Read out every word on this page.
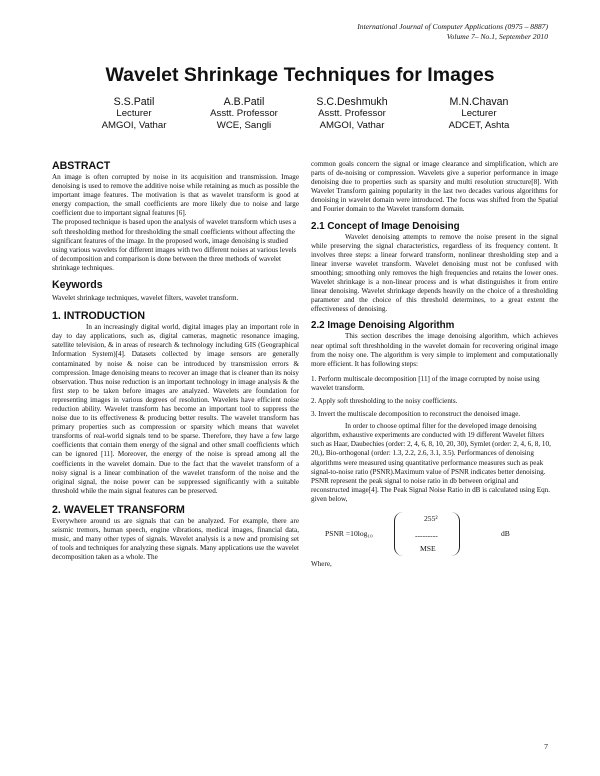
International Journal of Computer Applications (0975 – 8887)
Volume 7– No.1, September 2010
Wavelet Shrinkage Techniques for Images
S.S.Patil
Lecturer
AMGOI, Vathar
A.B.Patil
Asstt. Professor
WCE, Sangli
S.C.Deshmukh
Asstt. Professor
AMGOI, Vathar
M.N.Chavan
Lecturer
ADCET, Ashta
ABSTRACT

An image is often corrupted by noise in its acquisition and transmission. Image denoising is used to remove the additive noise while retaining as much as possible the important image features. The motivation is that as wavelet transform is good at energy compaction, the small coefficients are more likely due to noise and large coefficient due to important signal features [6].

The proposed technique is based upon the analysis of wavelet transform which uses a soft thresholding method for thresholding the small coefficients without affecting the significant features of the image. In the proposed work, image denoising is studied using various wavelets for different images with two different noises at various levels of decomposition and comparison is done between the three methods of wavelet shrinkage techniques.

Keywords

Wavelet shrinkage techniques, wavelet filters, wavelet transform.

1. INTRODUCTION

In an increasingly digital world, digital images play an important role in day to day applications, such as, digital cameras, magnetic resonance imaging, satellite television, & in areas of research & technology including GIS (Geographical Information System)[4]. Datasets collected by image sensors are generally contaminated by noise & noise can be introduced by transmission errors & compression. Image denoising means to recover an image that is cleaner than its noisy observation. Thus noise reduction is an important technology in image analysis & the first step to be taken before images are analyzed. Wavelets are foundation for representing images in various degrees of resolution. Wavelets have efficient noise reduction ability. Wavelet transform has become an important tool to suppress the noise due to its effectiveness & producing better results. The wavelet transform has primary properties such as compression or sparsity which means that wavelet transforms of real-world signals tend to be sparse. Therefore, they have a few large coefficients that contain them energy of the signal and other small coefficients which can be ignored [11]. Moreover, the energy of the noise is spread among all the coefficients in the wavelet domain. Due to the fact that the wavelet transform of a noisy signal is a linear combination of the wavelet transform of the noise and the original signal, the noise power can be suppressed significantly with a suitable threshold while the main signal features can be preserved.

2. WAVELET TRANSFORM

Everywhere around us are signals that can be analyzed. For example, there are seismic tremors, human speech, engine vibrations, medical images, financial data, music, and many other types of signals. Wavelet analysis is a new and promising set of tools and techniques for analyzing these signals. Many applications use the wavelet decomposition taken as a whole. The

common goals concern the signal or image clearance and simplification, which are parts of de-noising or compression. Wavelets give a superior performance in image denoising due to properties such as sparsity and multi resolution structure[8]. With Wavelet Transform gaining popularity in the last two decades various algorithms for denoising in wavelet domain were introduced. The focus was shifted from the Spatial and Fourier domain to the Wavelet transform domain.

2.1 Concept of Image Denoising

Wavelet denoising attempts to remove the noise present in the signal while preserving the signal characteristics, regardless of its frequency content. It involves three steps: a linear forward transform, nonlinear thresholding step and a linear inverse wavelet transform. Wavelet denoising must not be confused with smoothing; smoothing only removes the high frequencies and retains the lower ones. Wavelet shrinkage is a non-linear process and is what distinguishes it from entire linear denoising. Wavelet shrinkage depends heavily on the choice of a thresholding parameter and the choice of this threshold determines, to a great extent the effectiveness of denoising.

2.2 Image Denoising Algorithm

This section describes the image denoising algorithm, which achieves near optimal soft threshholding in the wavelet domain for recovering original image from the noisy one. The algorithm is very simple to implement and computationally more efficient. It has following steps:

1. Perform multiscale decomposition [11] of the image corrupted by noise using wavelet transform.

2. Apply soft thresholding to the noisy coefficients.

3. Invert the multiscale decomposition to reconstruct the denoised image.

In order to choose optimal filter for the developed image denoising algorithm, exhaustive experiments are conducted with 19 different Wavelet filters such as Haar, Daubechies (order: 2, 4, 6, 8, 10, 20, 30), Symlet (order: 2, 4, 6, 8, 10, 20,), Bio-orthogonal (order: 1.3, 2.2, 2.6, 3.1, 3.5). Performances of denoising algorithms were measured using quantitative performance measures such as peak signal-to-noise ratio (PSNR).Maximum value of PSNR indicates better denoising. PSNR represent the peak signal to noise ratio in db between original and reconstructed image[4]. The Peak Signal Noise Ratio in dB is calculated using Eqn. given below,

PSNR =10log₁₀
255²
---------
MSE
dB

Where,

7
